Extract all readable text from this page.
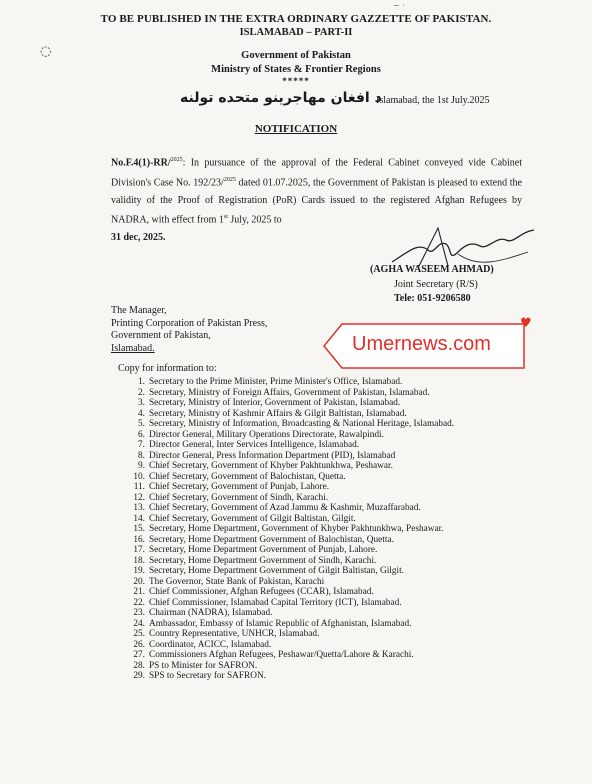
~ ·
◌
TO BE PUBLISHED IN THE EXTRA ORDINARY GAZZETTE OF PAKISTAN.
ISLAMABAD – PART-II
Government of Pakistan
Ministry of States & Frontier Regions
*****
د افغان مهاجرينو متحده تولنه
Islamabad, the 1st July.2025
NOTIFICATION
No.F.4(1)-RR/$^{2025}$: In pursuance of the approval of the Federal Cabinet conveyed vide Cabinet Division's Case No. 192/23/$^{2025}$ dated 01.07.2025, the Government of Pakistan is pleased to extend the validity of the Proof of Registration (PoR) Cards issued to the registered Afghan Refugees by NADRA, with effect from 1st July, 2025 to
31 dec, 2025.
(AGHA WASEEM AHMAD)
Joint Secretary (R/S)
Tele: 051-9206580
The Manager,
Printing Corporation of Pakistan Press,
Government of Pakistan,
Islamabad.	Umernews.com
♥
Copy for information to:
1. Secretary to the Prime Minister, Prime Minister's Office, Islamabad.
2. Secretary, Ministry of Foreign Affairs, Government of Pakistan, Islamabad.
3. Secretary, Ministry of Interior, Government of Pakistan, Islamabad.
4. Secretary, Ministry of Kashmir Affairs & Gilgit Baltistan, Islamabad.
5. Secretary, Ministry of Information, Broadcasting & National Heritage, Islamabad.
6. Director General, Military Operations Directorate, Rawalpindi.
7. Director General, Inter Services Intelligence, Islamabad.
8. Director General, Press Information Department (PID), Islamabad
9. Chief Secretary, Government of Khyber Pakhtunkhwa, Peshawar.
10. Chief Secretary, Government of Balochistan, Quetta.
11. Chief Secretary, Government of Punjab, Lahore.
12. Chief Secretary, Government of Sindh, Karachi.
13. Chief Secretary, Government of Azad Jammu & Kashmir, Muzaffarabad.
14. Chief Secretary, Government of Gilgit Baltistan, Gilgit.
15. Secretary, Home Department, Government of Khyber Pakhtunkhwa, Peshawar.
16. Secretary, Home Department Government of Balochistan, Quetta.
17. Secretary, Home Department Government of Punjab, Lahore.
18. Secretary, Home Department Government of Sindh, Karachi.
19. Secretary, Home Department Government of Gilgit Baltistan, Gilgit.
20. The Governor, State Bank of Pakistan, Karachi
21. Chief Commissioner, Afghan Refugees (CCAR), Islamabad.
22. Chief Commissioner, Islamabad Capital Territory (ICT), Islamabad.
23. Chairman (NADRA), Islamabad.
24. Ambassador, Embassy of Islamic Republic of Afghanistan, Islamabad.
25. Country Representative, UNHCR, Islamabad.
26. Coordinator, ACICC, Islamabad.
27. Commissioners Afghan Refugees, Peshawar/Quetta/Lahore & Karachi.
28. PS to Minister for SAFRON.
29. SPS to Secretary for SAFRON.
